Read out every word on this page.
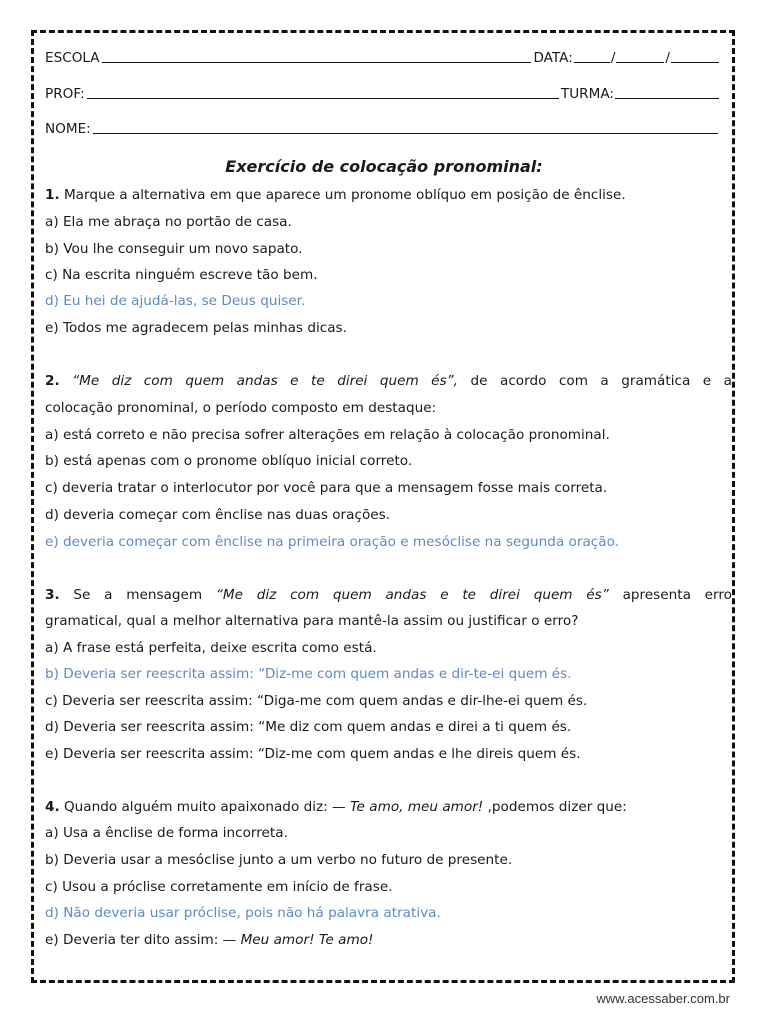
ESCOLA	DATA:	/	/
PROF:	TURMA:
NOME:
Exercício de colocação pronominal:
1. Marque a alternativa em que aparece um pronome oblíquo em posição de ênclise.
a) Ela me abraça no portão de casa.
b) Vou lhe conseguir um novo sapato.
c) Na escrita ninguém escreve tão bem.
d) Eu hei de ajudá-las, se Deus quiser.
e) Todos me agradecem pelas minhas dicas.
2. “Me diz com quem andas e te direi quem és”, de acordo com a gramática e a
colocação pronominal, o período composto em destaque:
a) está correto e não precisa sofrer alterações em relação à colocação pronominal.
b) está apenas com o pronome oblíquo inicial correto.
c) deveria tratar o interlocutor por você para que a mensagem fosse mais correta.
d) deveria começar com ênclise nas duas orações.
e) deveria começar com ênclise na primeira oração e mesóclise na segunda oração.
3. Se a mensagem “Me diz com quem andas e te direi quem és” apresenta erro
gramatical, qual a melhor alternativa para mantê-la assim ou justificar o erro?
a) A frase está perfeita, deixe escrita como está.
b) Deveria ser reescrita assim: “Diz-me com quem andas e dir-te-ei quem és.
c) Deveria ser reescrita assim: “Diga-me com quem andas e dir-lhe-ei quem és.
d) Deveria ser reescrita assim: “Me diz com quem andas e direi a ti quem és.
e) Deveria ser reescrita assim: “Diz-me com quem andas e lhe direis quem és.
4. Quando alguém muito apaixonado diz: — Te amo, meu amor! ,podemos dizer que:
a) Usa a ênclise de forma incorreta.
b) Deveria usar a mesóclise junto a um verbo no futuro de presente.
c) Usou a próclise corretamente em início de frase.
d) Não deveria usar próclise, pois não há palavra atrativa.
e) Deveria ter dito assim: — Meu amor! Te amo!
www.acessaber.com.br
